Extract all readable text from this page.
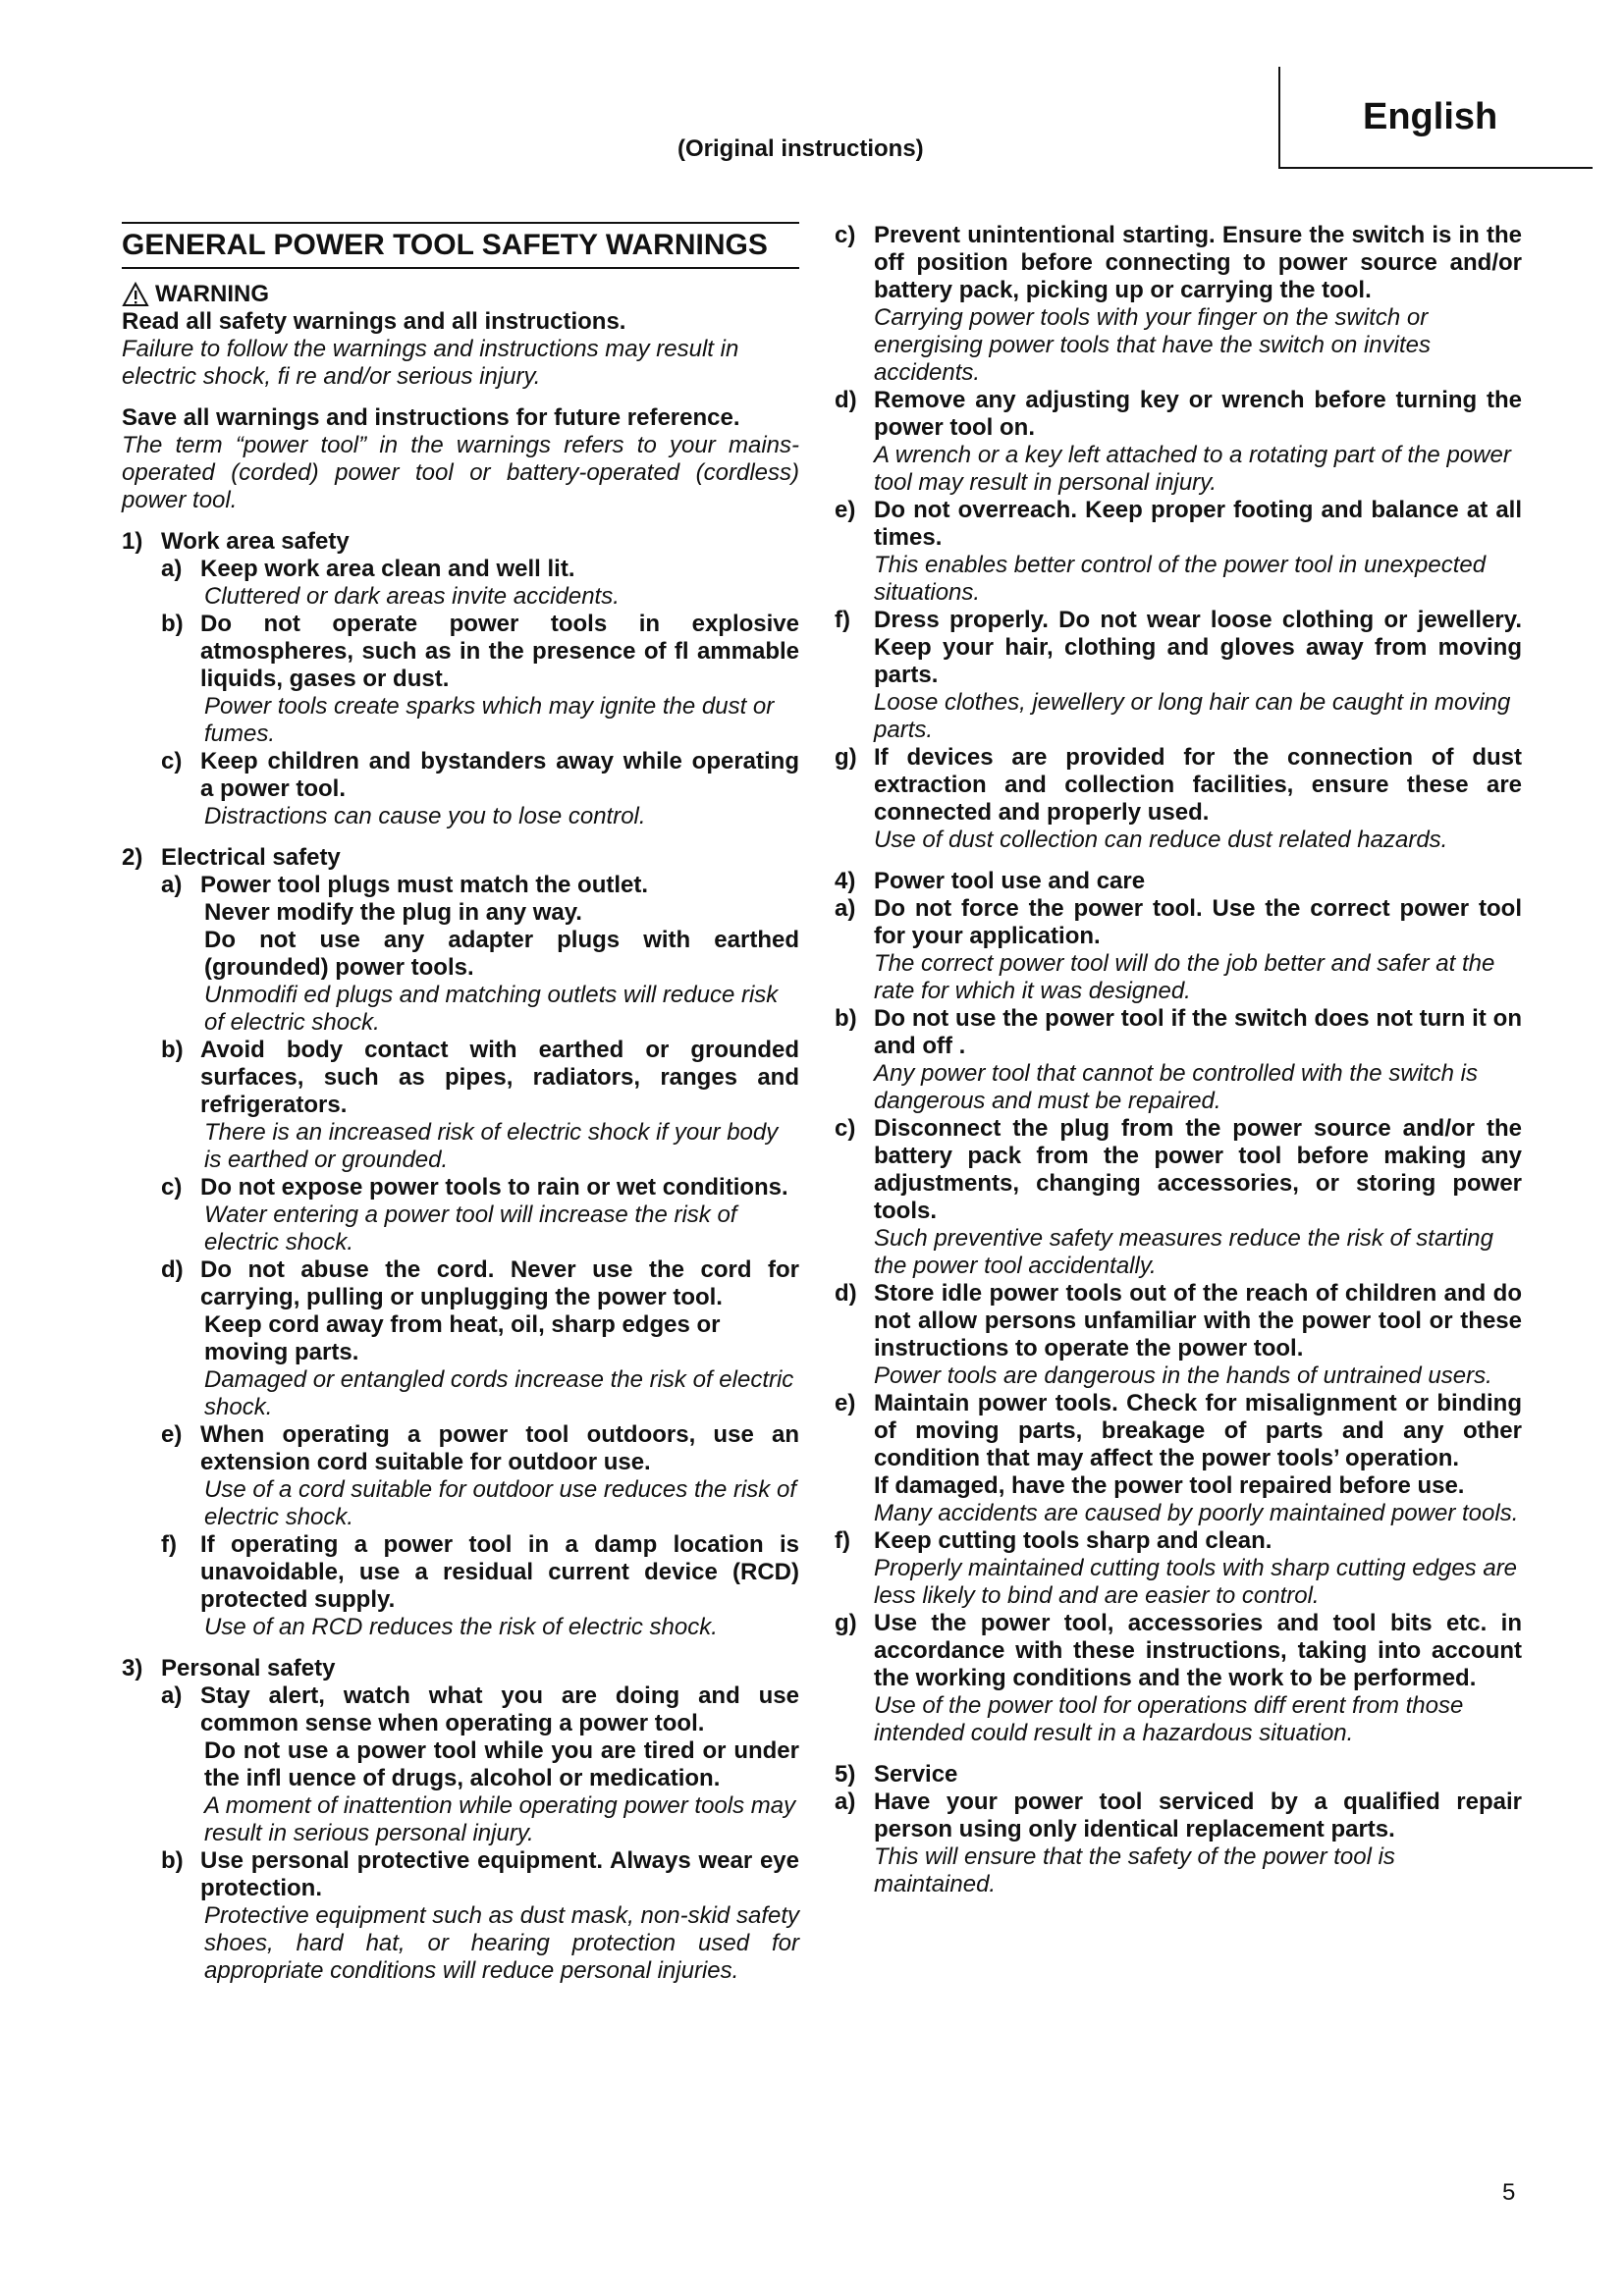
English
(Original instructions)
GENERAL POWER TOOL SAFETY WARNINGS
WARNING
Read all safety warnings and all instructions.
Failure to follow the warnings and instructions may result in electric shock, fi re and/or serious injury.
Save all warnings and instructions for future reference.
The term “power tool” in the warnings refers to your mains-operated (corded) power tool or battery-operated (cordless) power tool.
1) Work area safety
a) Keep work area clean and well lit.
Cluttered or dark areas invite accidents.
b) Do not operate power tools in explosive atmospheres, such as in the presence of fl ammable liquids, gases or dust.
Power tools create sparks which may ignite the dust or fumes.
c) Keep children and bystanders away while operating a power tool.
Distractions can cause you to lose control.
2) Electrical safety
a) Power tool plugs must match the outlet.
Never modify the plug in any way.
Do not use any adapter plugs with earthed (grounded) power tools.
Unmodifi ed plugs and matching outlets will reduce risk of electric shock.
b) Avoid body contact with earthed or grounded surfaces, such as pipes, radiators, ranges and refrigerators.
There is an increased risk of electric shock if your body is earthed or grounded.
c) Do not expose power tools to rain or wet conditions.
Water entering a power tool will increase the risk of electric shock.
d) Do not abuse the cord. Never use the cord for carrying, pulling or unplugging the power tool.
Keep cord away from heat, oil, sharp edges or moving parts.
Damaged or entangled cords increase the risk of electric shock.
e) When operating a power tool outdoors, use an extension cord suitable for outdoor use.
Use of a cord suitable for outdoor use reduces the risk of electric shock.
f)	If operating a power tool in a damp location is unavoidable, use a residual current device (RCD) protected supply.
Use of an RCD reduces the risk of electric shock.
3) Personal safety
a) Stay alert, watch what you are doing and use common sense when operating a power tool.
Do not use a power tool while you are tired or under the infl uence of drugs, alcohol or medication.
A moment of inattention while operating power tools may result in serious personal injury.
b) Use personal protective equipment. Always wear eye protection.
Protective equipment such as dust mask, non-skid safety shoes, hard hat, or hearing protection used for appropriate conditions will reduce personal injuries.
c) Prevent unintentional starting. Ensure the switch is in the off position before connecting to power source and/or battery pack, picking up or carrying the tool.
Carrying power tools with your finger on the switch or energising power tools that have the switch on invites accidents.
d) Remove any adjusting key or wrench before turning the power tool on.
A wrench or a key left attached to a rotating part of the power tool may result in personal injury.
e) Do not overreach. Keep proper footing and balance at all times.
This enables better control of the power tool in unexpected situations.
f)	Dress properly. Do not wear loose clothing or jewellery. Keep your hair, clothing and gloves away from moving parts.
Loose clothes, jewellery or long hair can be caught in moving parts.
g) If devices are provided for the connection of dust extraction and collection facilities, ensure these are connected and properly used.
Use of dust collection can reduce dust related hazards.
4) Power tool use and care
a) Do not force the power tool. Use the correct power tool for your application.
The correct power tool will do the job better and safer at the rate for which it was designed.
b) Do not use the power tool if the switch does not turn it on and off .
Any power tool that cannot be controlled with the switch is dangerous and must be repaired.
c) Disconnect the plug from the power source and/or the battery pack from the power tool before making any adjustments, changing accessories, or storing power tools.
Such preventive safety measures reduce the risk of starting the power tool accidentally.
d) Store idle power tools out of the reach of children and do not allow persons unfamiliar with the power tool or these instructions to operate the power tool.
Power tools are dangerous in the hands of untrained users.
e) Maintain power tools. Check for misalignment or binding of moving parts, breakage of parts and any other condition that may affect the power tools’ operation.
If damaged, have the power tool repaired before use.
Many accidents are caused by poorly maintained power tools.
f)	Keep cutting tools sharp and clean.
Properly maintained cutting tools with sharp cutting edges are less likely to bind and are easier to control.
g) Use the power tool, accessories and tool bits etc. in accordance with these instructions, taking into account the working conditions and the work to be performed.
Use of the power tool for operations diff erent from those intended could result in a hazardous situation.
5) Service
a) Have your power tool serviced by a qualified repair person using only identical replacement parts.
This will ensure that the safety of the power tool is maintained.
5
